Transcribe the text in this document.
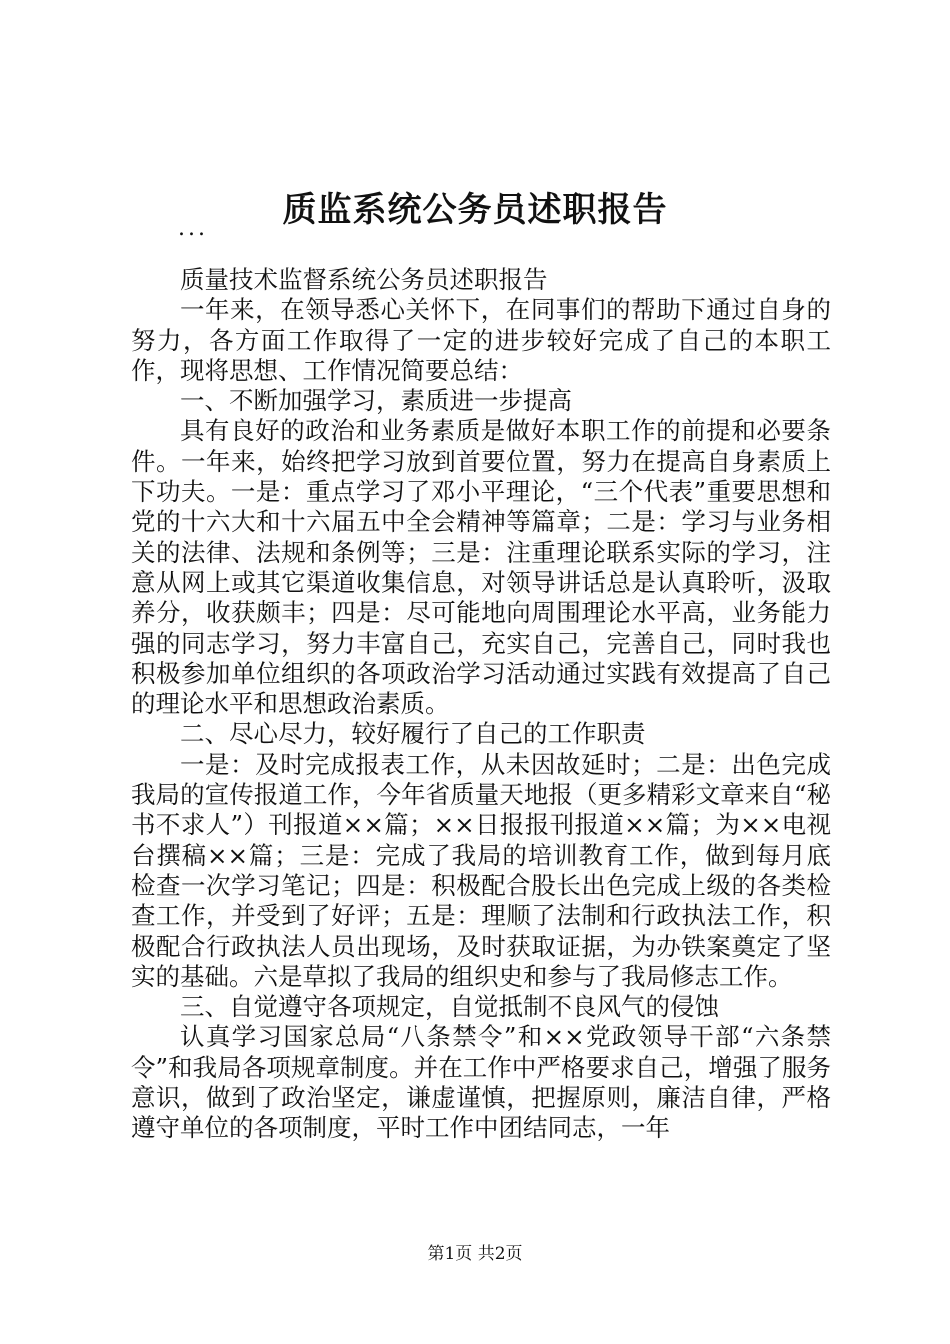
质监系统公务员述职报告
...

质量技术监督系统公务员述职报告

一年来，在领导悉心关怀下，在同事们的帮助下通过自身的努力，各方面工作取得了一定的进步较好完成了自己的本职工作，现将思想、工作情况简要总结：

一、不断加强学习，素质进一步提高

具有良好的政治和业务素质是做好本职工作的前提和必要条件。一年来，始终把学习放到首要位置，努力在提高自身素质上下功夫。一是：重点学习了邓小平理论，“三个代表”重要思想和党的十六大和十六届五中全会精神等篇章；二是：学习与业务相关的法律、法规和条例等；三是：注重理论联系实际的学习，注意从网上或其它渠道收集信息，对领导讲话总是认真聆听，汲取养分，收获颇丰；四是：尽可能地向周围理论水平高，业务能力强的同志学习，努力丰富自己，充实自己，完善自己，同时我也积极参加单位组织的各项政治学习活动通过实践有效提高了自己的理论水平和思想政治素质。

二、尽心尽力，较好履行了自己的工作职责

一是：及时完成报表工作，从未因故延时；二是：出色完成我局的宣传报道工作，今年省质量天地报（更多精彩文章来自“秘书不求人”）刊报道××篇；××日报报刊报道××篇；为××电视台撰稿××篇；三是：完成了我局的培训教育工作，做到每月底检查一次学习笔记；四是：积极配合股长出色完成上级的各类检查工作，并受到了好评；五是：理顺了法制和行政执法工作，积极配合行政执法人员出现场，及时获取证据，为办铁案奠定了坚实的基础。六是草拟了我局的组织史和参与了我局修志工作。

三、自觉遵守各项规定，自觉抵制不良风气的侵蚀

认真学习国家总局“八条禁令”和××党政领导干部“六条禁令”和我局各项规章制度。并在工作中严格要求自己，增强了服务意识，做到了政治坚定，谦虚谨慎，把握原则，廉洁自律，严格遵守单位的各项制度，平时工作中团结同志，一年

第1页 共2页
